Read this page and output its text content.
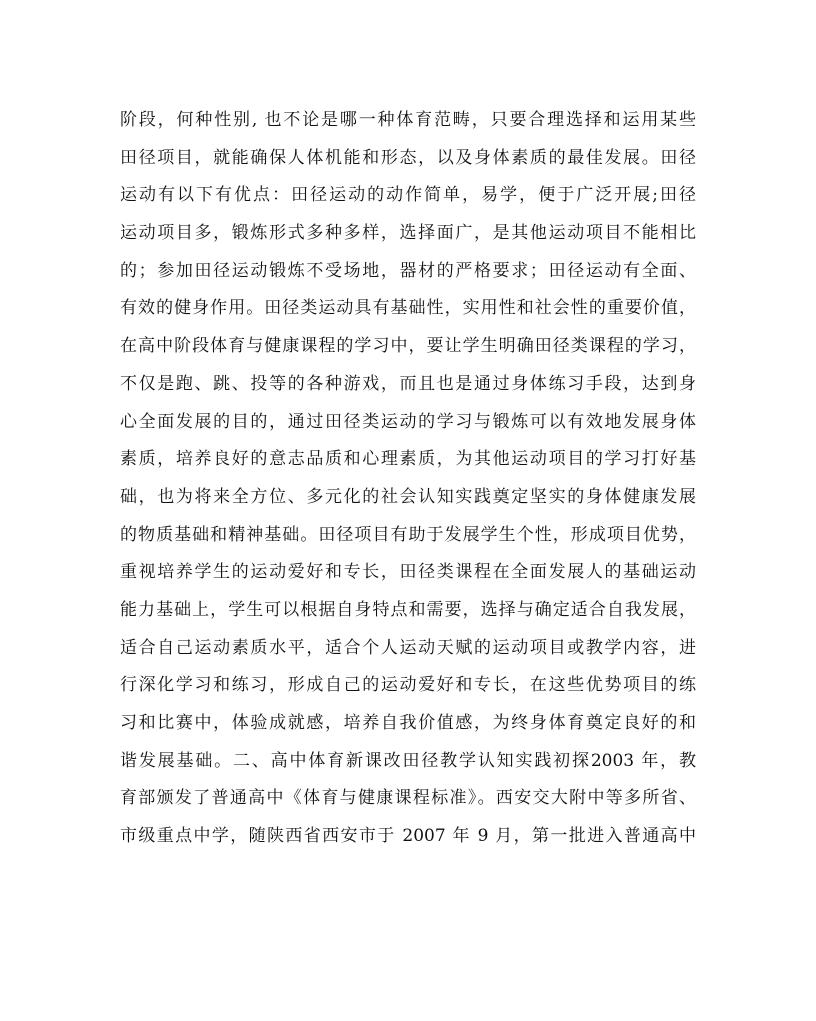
阶段，何种性别, 也不论是哪一种体育范畴，只要合理选择和运用某些
田径项目，就能确保人体机能和形态，以及身体素质的最佳发展。田径
运动有以下有优点：田径运动的动作简单，易学，便于广泛开展;田径
运动项目多，锻炼形式多种多样，选择面广，是其他运动项目不能相比
的；参加田径运动锻炼不受场地，器材的严格要求；田径运动有全面、
有效的健身作用。田径类运动具有基础性，实用性和社会性的重要价值，
在高中阶段体育与健康课程的学习中，要让学生明确田径类课程的学习，
不仅是跑、跳、投等的各种游戏，而且也是通过身体练习手段，达到身
心全面发展的目的，通过田径类运动的学习与锻炼可以有效地发展身体
素质，培养良好的意志品质和心理素质，为其他运动项目的学习打好基
础，也为将来全方位、多元化的社会认知实践奠定坚实的身体健康发展
的物质基础和精神基础。田径项目有助于发展学生个性，形成项目优势，
重视培养学生的运动爱好和专长，田径类课程在全面发展人的基础运动
能力基础上，学生可以根据自身特点和需要，选择与确定适合自我发展，
适合自己运动素质水平，适合个人运动天赋的运动项目或教学内容，进
行深化学习和练习，形成自己的运动爱好和专长，在这些优势项目的练
习和比赛中，体验成就感，培养自我价值感，为终身体育奠定良好的和
谐发展基础。二、高中体育新课改田径教学认知实践初探2003 年，教
育部颁发了普通高中《体育与健康课程标准》。西安交大附中等多所省、
市级重点中学，随陕西省西安市于 2007 年 9 月，第一批进入普通高中
